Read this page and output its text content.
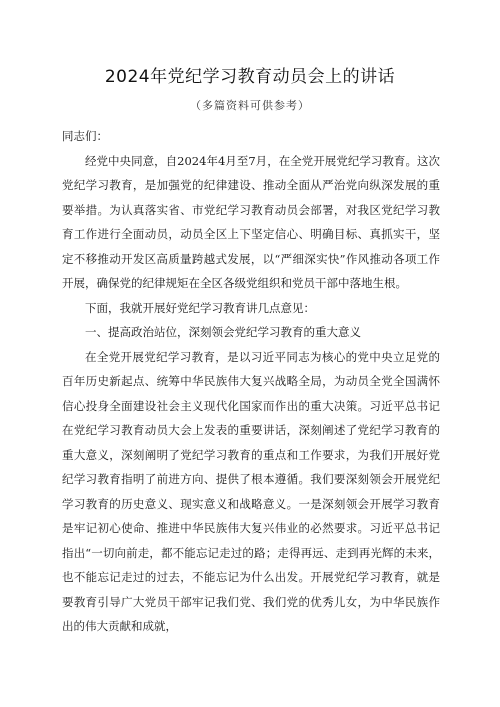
2024年党纪学习教育动员会上的讲话
（多篇资料可供参考）

同志们：

经党中央同意，自2024年4月至7月，在全党开展党纪学习教育。这次党纪学习教育，是加强党的纪律建设、推动全面从严治党向纵深发展的重要举措。为认真落实省、市党纪学习教育动员会部署，对我区党纪学习教育工作进行全面动员，动员全区上下坚定信心、明确目标、真抓实干，坚定不移推动开发区高质量跨越式发展，以“严细深实快”作风推动各项工作开展，确保党的纪律规矩在全区各级党组织和党员干部中落地生根。

下面，我就开展好党纪学习教育讲几点意见：

一、提高政治站位，深刻领会党纪学习教育的重大意义

在全党开展党纪学习教育，是以习近平同志为核心的党中央立足党的百年历史新起点、统筹中华民族伟大复兴战略全局，为动员全党全国满怀信心投身全面建设社会主义现代化国家而作出的重大决策。习近平总书记在党纪学习教育动员大会上发表的重要讲话，深刻阐述了党纪学习教育的重大意义，深刻阐明了党纪学习教育的重点和工作要求，为我们开展好党纪学习教育指明了前进方向、提供了根本遵循。我们要深刻领会开展党纪学习教育的历史意义、现实意义和战略意义。一是深刻领会开展学习教育是牢记初心使命、推进中华民族伟大复兴伟业的必然要求。习近平总书记指出“一切向前走，都不能忘记走过的路；走得再远、走到再光辉的未来，也不能忘记走过的过去，不能忘记为什么出发。开展党纪学习教育，就是要教育引导广大党员干部牢记我们党、我们党的优秀儿女，为中华民族作出的伟大贡献和成就，
